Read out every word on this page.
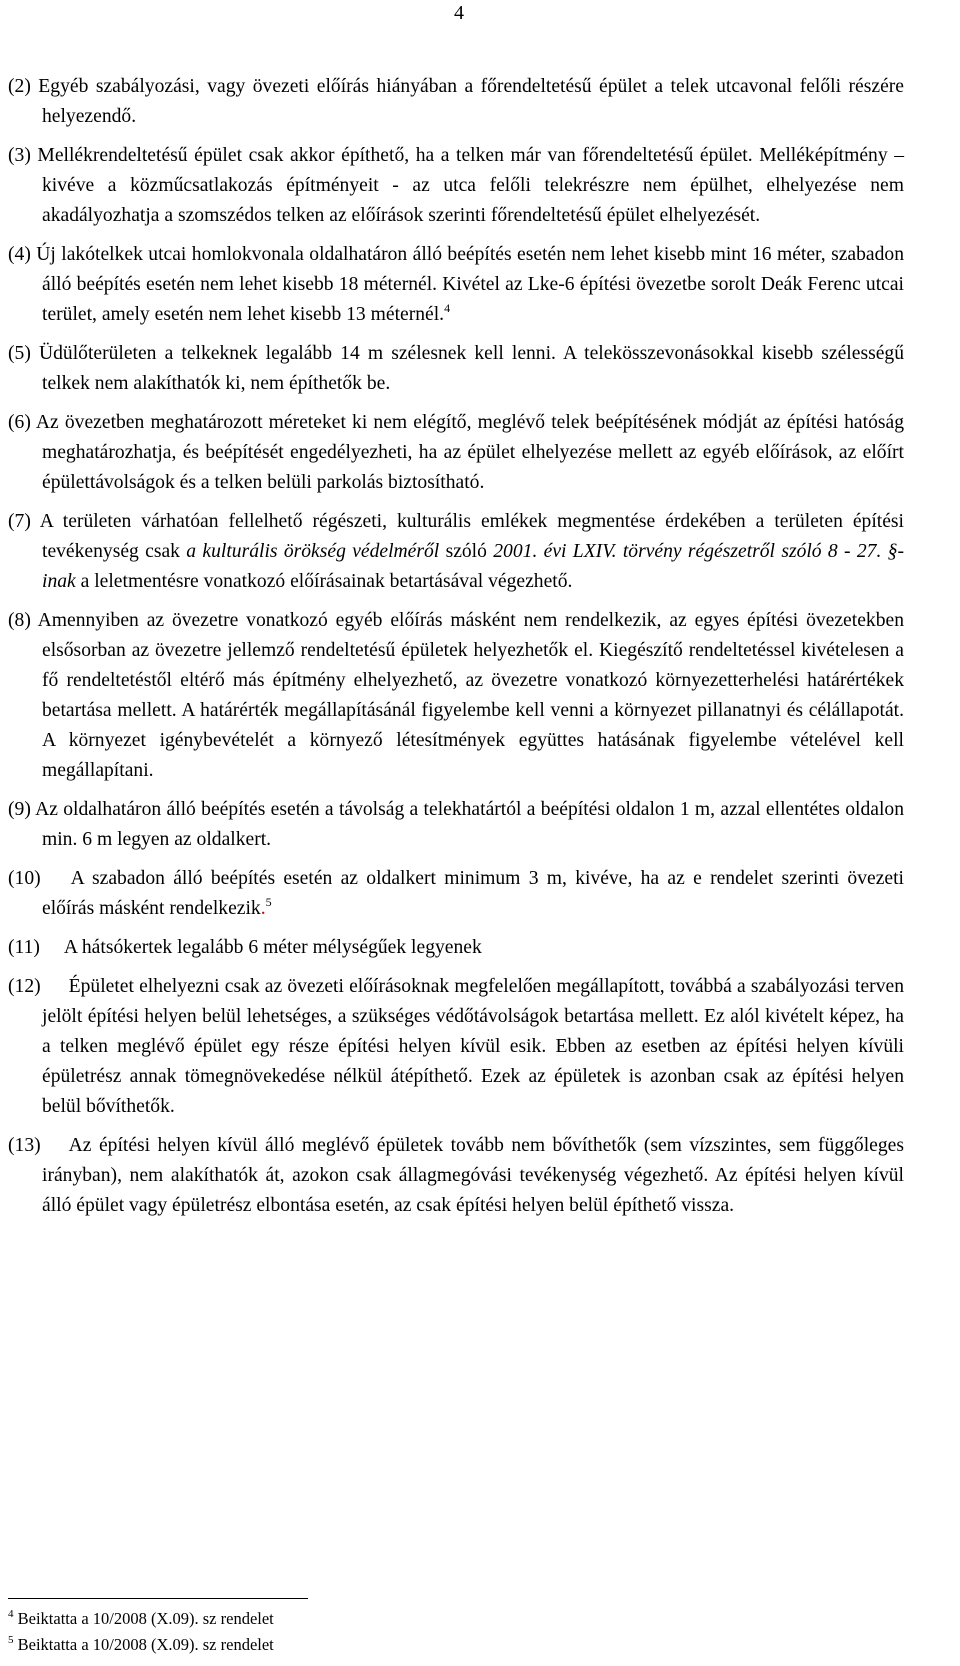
4

(2) Egyéb szabályozási, vagy övezeti előírás hiányában a főrendeltetésű épület a telek utcavonal felőli részére helyezendő.

(3) Mellékrendeltetésű épület csak akkor építhető, ha a telken már van főrendeltetésű épület. Melléképítmény – kivéve a közműcsatlakozás építményeit - az utca felőli telekrészre nem épülhet, elhelyezése nem akadályozhatja a szomszédos telken az előírások szerinti főrendeltetésű épület elhelyezését.

(4) Új lakótelkek utcai homlokvonala oldalhatáron álló beépítés esetén nem lehet kisebb mint 16 méter, szabadon álló beépítés esetén nem lehet kisebb 18 méternél. Kivétel az Lke-6 építési övezetbe sorolt Deák Ferenc utcai terület, amely esetén nem lehet kisebb 13 méternél.$^4$

(5) Üdülőterületen a telkeknek legalább 14 m szélesnek kell lenni. A telekösszevonásokkal kisebb szélességű telkek nem alakíthatók ki, nem építhetők be.

(6) Az övezetben meghatározott méreteket ki nem elégítő, meglévő telek beépítésének módját az építési hatóság meghatározhatja, és beépítését engedélyezheti, ha az épület elhelyezése mellett az egyéb előírások, az előírt épülettávolságok és a telken belüli parkolás biztosítható.

(7) A területen várhatóan fellelhető régészeti, kulturális emlékek megmentése érdekében a területen építési tevékenység csak a kulturális örökség védelméről szóló 2001. évi LXIV. törvény régészetről szóló 8 - 27. §-inak a leletmentésre vonatkozó előírásainak betartásával végezhető.

(8) Amennyiben az övezetre vonatkozó egyéb előírás másként nem rendelkezik, az egyes építési övezetekben elsősorban az övezetre jellemző rendeltetésű épületek helyezhetők el. Kiegészítő rendeltetéssel kivételesen a fő rendeltetéstől eltérő más építmény elhelyezhető, az övezetre vonatkozó környezetterhelési határértékek betartása mellett. A határérték megállapításánál figyelembe kell venni a környezet pillanatnyi és célállapotát. A környezet igénybevételét a környező létesítmények együttes hatásának figyelembe vételével kell megállapítani.

(9) Az oldalhatáron álló beépítés esetén a távolság a telekhatártól a beépítési oldalon 1 m, azzal ellentétes oldalon min. 6 m legyen az oldalkert.

(10) A szabadon álló beépítés esetén az oldalkert minimum 3 m, kivéve, ha az e rendelet szerinti övezeti előírás másként rendelkezik.$^5$

(11) A hátsókertek legalább 6 méter mélységűek legyenek

(12) Épületet elhelyezni csak az övezeti előírásoknak megfelelően megállapított, továbbá a szabályozási terven jelölt építési helyen belül lehetséges, a szükséges védőtávolságok betartása mellett. Ez alól kivételt képez, ha a telken meglévő épület egy része építési helyen kívül esik. Ebben az esetben az építési helyen kívüli épületrész annak tömegnövekedése nélkül átépíthető. Ezek az épületek is azonban csak az építési helyen belül bővíthetők.

(13) Az építési helyen kívül álló meglévő épületek tovább nem bővíthetők (sem vízszintes, sem függőleges irányban), nem alakíthatók át, azokon csak állagmegóvási tevékenység végezhető. Az építési helyen kívül álló épület vagy épületrész elbontása esetén, az csak építési helyen belül építhető vissza.

$^4$ Beiktatta a 10/2008 (X.09). sz rendelet
$^5$ Beiktatta a 10/2008 (X.09). sz rendelet
